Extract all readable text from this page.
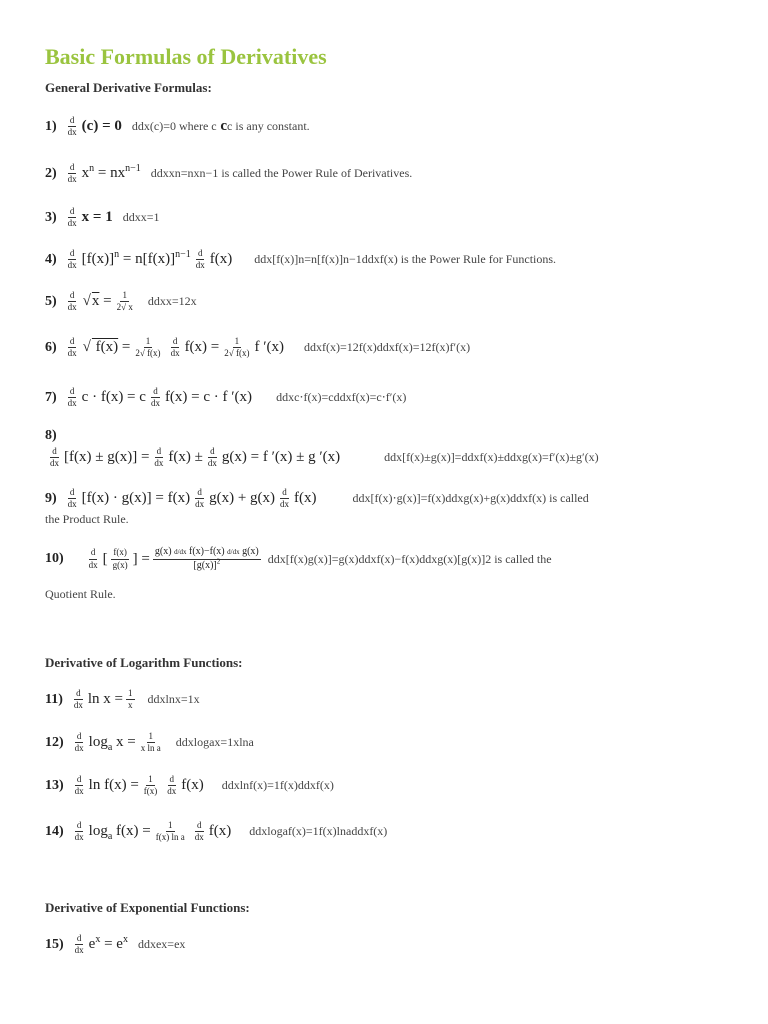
Basic Formulas of Derivatives

General Derivative Formulas:

$1) \frac{d}{dx} (c) = 0$ ddx(c)=0 where c cc is any constant.
$2) \frac{d}{dx} x^n = nx^{n-1}$ ddxxn=nxn−1 is called the Power Rule of Derivatives.
$3) \frac{d}{dx}$ x = 1 ddxx=1
$4) \frac{d}{dx} [f(x)]^n = n[f(x)]^{n-1} \frac{d}{dx} f(x)$ ddx[f(x)]n=n[f(x)]n−1ddxf(x) is the Power Rule for Functions.
$5) \frac{d}{dx}$ √ $x = \frac{1}{2√ x}$ ddxx=12x
$6) \frac{d}{dx}$ √ $f(x) = \frac{1}{2√ f(x)} \frac{d}{dx} f(x) = \frac{1}{2√ f(x)}$ f ′(x) ddxf(x)=12f(x)ddxf(x)=12f(x)f′(x)
$7) \frac{d}{dx}$ c · f(x) = c $\frac{d}{dx} f(x) = c \cdot f$ ′(x) ddxc⋅f(x)=cddxf(x)=c⋅f′(x)
8)
$\frac{d}{dx} [f(x) \pm g(x)] = \frac{d}{dx} f(x) \pm \frac{d}{dx} g(x) = f$ ′(x) ± g ′(x)	ddx[f(x)±g(x)]=ddxf(x)±ddxg(x)=f′(x)±g′(x)
$9) \frac{d}{dx} [f(x) \cdot g(x)] = f(x) \frac{d}{dx} g(x) + g(x) \frac{d}{dx} f(x)$	ddx[f(x)⋅g(x)]=f(x)ddxg(x)+g(x)ddxf(x) is called
the Product Rule.
10)	$\frac{d}{dx}$ [ $\frac{f(x)}{g(x)}$ ] = $\frac{\text{g(x) d/dx f(x)−f(x) d/dx g(x)}}{[g(x)]^2}$ ddx[f(x)g(x)]=g(x)ddxf(x)−f(x)ddxg(x)[g(x)]2 is called the
Quotient Rule.

Derivative of Logarithm Functions:

$11) \frac{d}{dx}$ $\ln x = \frac{1}{x} ddxlnx=1x$
$12) \frac{d}{dx} \log_a x = \frac{1}{\text{x ln a}}$ ddxlogax=1xlna
$13) \frac{d}{dx}$ $\ln f(x) = \frac{1}{f(x)} \frac{d}{dx} f(x)$ ddxlnf(x)=1f(x)ddxf(x)
$14) \frac{d}{dx} \log_a f(x) = \frac{1}{\text{f(x) ln a}} \frac{d}{dx} f(x)$ ddxlogaf(x)=1f(x)lnaddxf(x)

Derivative of Exponential Functions:

$15) \frac{d}{dx} e^x = e^x$ ddxex=ex
